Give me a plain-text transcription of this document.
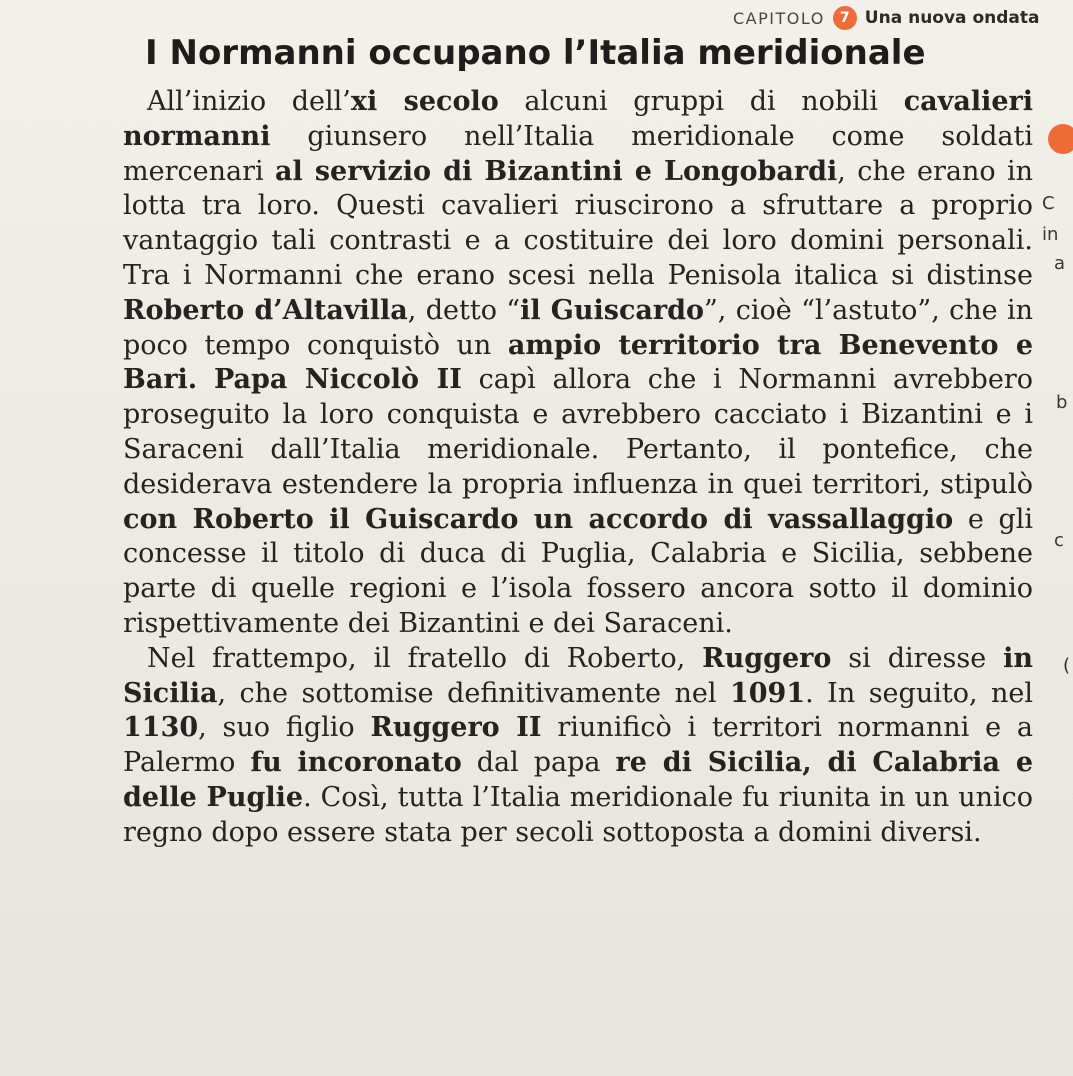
CAPITOLO	7 Una nuova ondata
I Normanni occupano l’Italia meridionale

All’inizio dell’xi secolo alcuni gruppi di nobili cavalieri normanni giunsero nell’Italia meridionale come soldati mercenari al servizio di Bizantini e Longobardi, che erano in lotta tra loro. Questi cavalieri riuscirono a sfruttare a proprio vantaggio tali contrasti e a costituire dei loro domini personali. Tra i Normanni che erano scesi nella Penisola italica si distinse Roberto d’Altavilla, detto “il Guiscardo”, cioè “l’astuto”, che in poco tempo conquistò un ampio territorio tra Benevento e Bari. Papa Niccolò II capì allora che i Normanni avrebbero proseguito la loro conquista e avrebbero cacciato i Bizantini e i Saraceni dall’Italia meridionale. Pertanto, il pontefice, che desiderava estendere la propria influenza in quei territori, stipulò con Roberto il Guiscardo un accordo di vassallaggio e gli concesse il titolo di duca di Puglia, Calabria e Sicilia, sebbene parte di quelle regioni e l’isola fossero ancora sotto il dominio rispettivamente dei Bizantini e dei Saraceni.

Nel frattempo, il fratello di Roberto, Ruggero si diresse in Sicilia, che sottomise definitivamente nel 1091. In seguito, nel 1130, suo figlio Ruggero II riunificò i territori normanni e a Palermo fu incoronato dal papa re di Sicilia, di Calabria e delle Puglie. Così, tutta l’Italia meridionale fu riunita in un unico regno dopo essere stata per secoli sottoposta a domini diversi.

C
in
a
b
c
(
